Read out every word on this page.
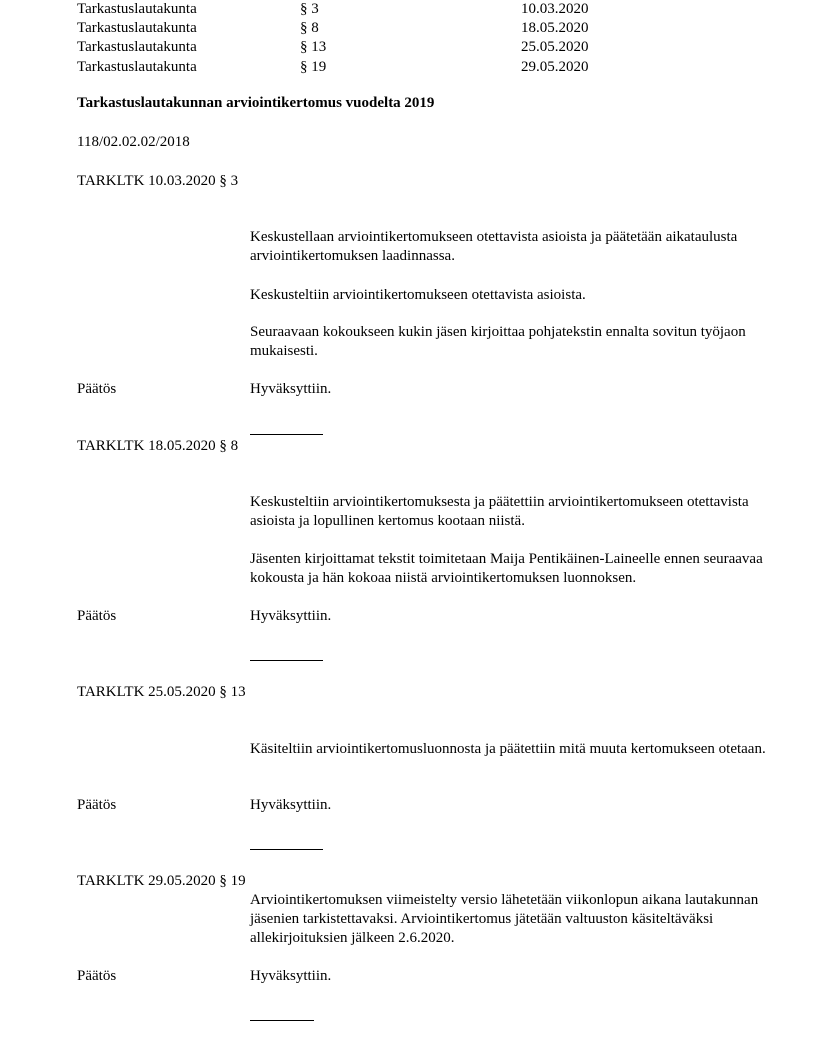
Tarkastuslautakunta	§ 3	10.03.2020
Tarkastuslautakunta	§ 8	18.05.2020
Tarkastuslautakunta	§ 13	25.05.2020
Tarkastuslautakunta	§ 19	29.05.2020
Tarkastuslautakunnan arviointikertomus vuodelta 2019
118/02.02.02/2018
TARKLTK 10.03.2020 § 3
Keskustellaan arviointikertomukseen otettavista asioista ja päätetään aikataulusta arviointikertomuksen laadinnassa.
Keskusteltiin arviointikertomukseen otettavista asioista.
Seuraavaan kokoukseen kukin jäsen kirjoittaa pohjatekstin ennalta sovitun työjaon mukaisesti.
Päätös	Hyväksyttiin.
TARKLTK 18.05.2020 § 8
Keskusteltiin arviointikertomuksesta ja päätettiin arviointikertomukseen otettavista asioista ja lopullinen kertomus kootaan niistä.
Jäsenten kirjoittamat tekstit toimitetaan Maija Pentikäinen-Laineelle ennen seuraavaa kokousta ja hän kokoaa niistä arviointikertomuksen luonnoksen.
Päätös	Hyväksyttiin.
TARKLTK 25.05.2020 § 13
Käsiteltiin arviointikertomusluonnosta ja päätettiin mitä muuta kertomukseen otetaan.
Päätös	Hyväksyttiin.
TARKLTK 29.05.2020 § 19
Arviointikertomuksen viimeistelty versio lähetetään viikonlopun aikana lautakunnan jäsenien tarkistettavaksi. Arviointikertomus jätetään valtuuston käsiteltäväksi allekirjoituksien jälkeen 2.6.2020.
Päätös	Hyväksyttiin.
